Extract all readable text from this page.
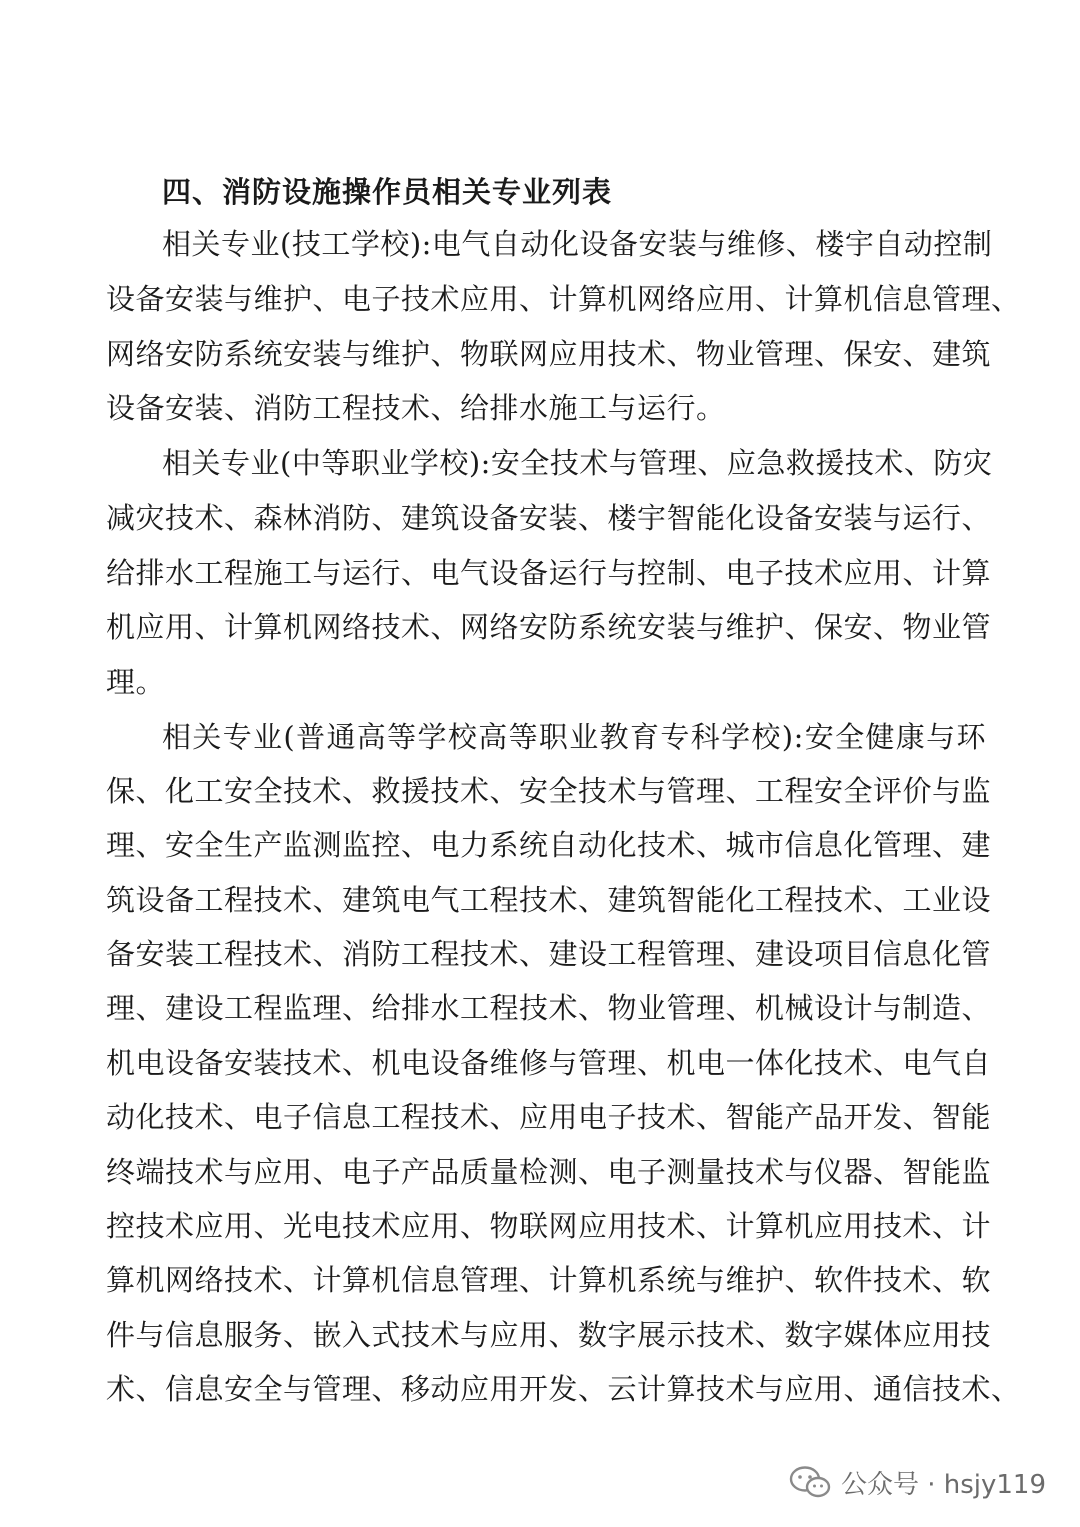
四、消防设施操作员相关专业列表

相关专业(技工学校):电气自动化设备安装与维修、楼宇自动控制

设备安装与维护、电子技术应用、计算机网络应用、计算机信息管理、

网络安防系统安装与维护、物联网应用技术、物业管理、保安、建筑

设备安装、消防工程技术、给排水施工与运行。

相关专业(中等职业学校):安全技术与管理、应急救援技术、防灾

减灾技术、森林消防、建筑设备安装、楼宇智能化设备安装与运行、

给排水工程施工与运行、电气设备运行与控制、电子技术应用、计算

机应用、计算机网络技术、网络安防系统安装与维护、保安、物业管

理。

相关专业(普通高等学校高等职业教育专科学校):安全健康与环

保、化工安全技术、救援技术、安全技术与管理、工程安全评价与监

理、安全生产监测监控、电力系统自动化技术、城市信息化管理、建

筑设备工程技术、建筑电气工程技术、建筑智能化工程技术、工业设

备安装工程技术、消防工程技术、建设工程管理、建设项目信息化管

理、建设工程监理、给排水工程技术、物业管理、机械设计与制造、

机电设备安装技术、机电设备维修与管理、机电一体化技术、电气自

动化技术、电子信息工程技术、应用电子技术、智能产品开发、智能

终端技术与应用、电子产品质量检测、电子测量技术与仪器、智能监

控技术应用、光电技术应用、物联网应用技术、计算机应用技术、计

算机网络技术、计算机信息管理、计算机系统与维护、软件技术、软

件与信息服务、嵌入式技术与应用、数字展示技术、数字媒体应用技

术、信息安全与管理、移动应用开发、云计算技术与应用、通信技术、

公众号 · hsjy119
